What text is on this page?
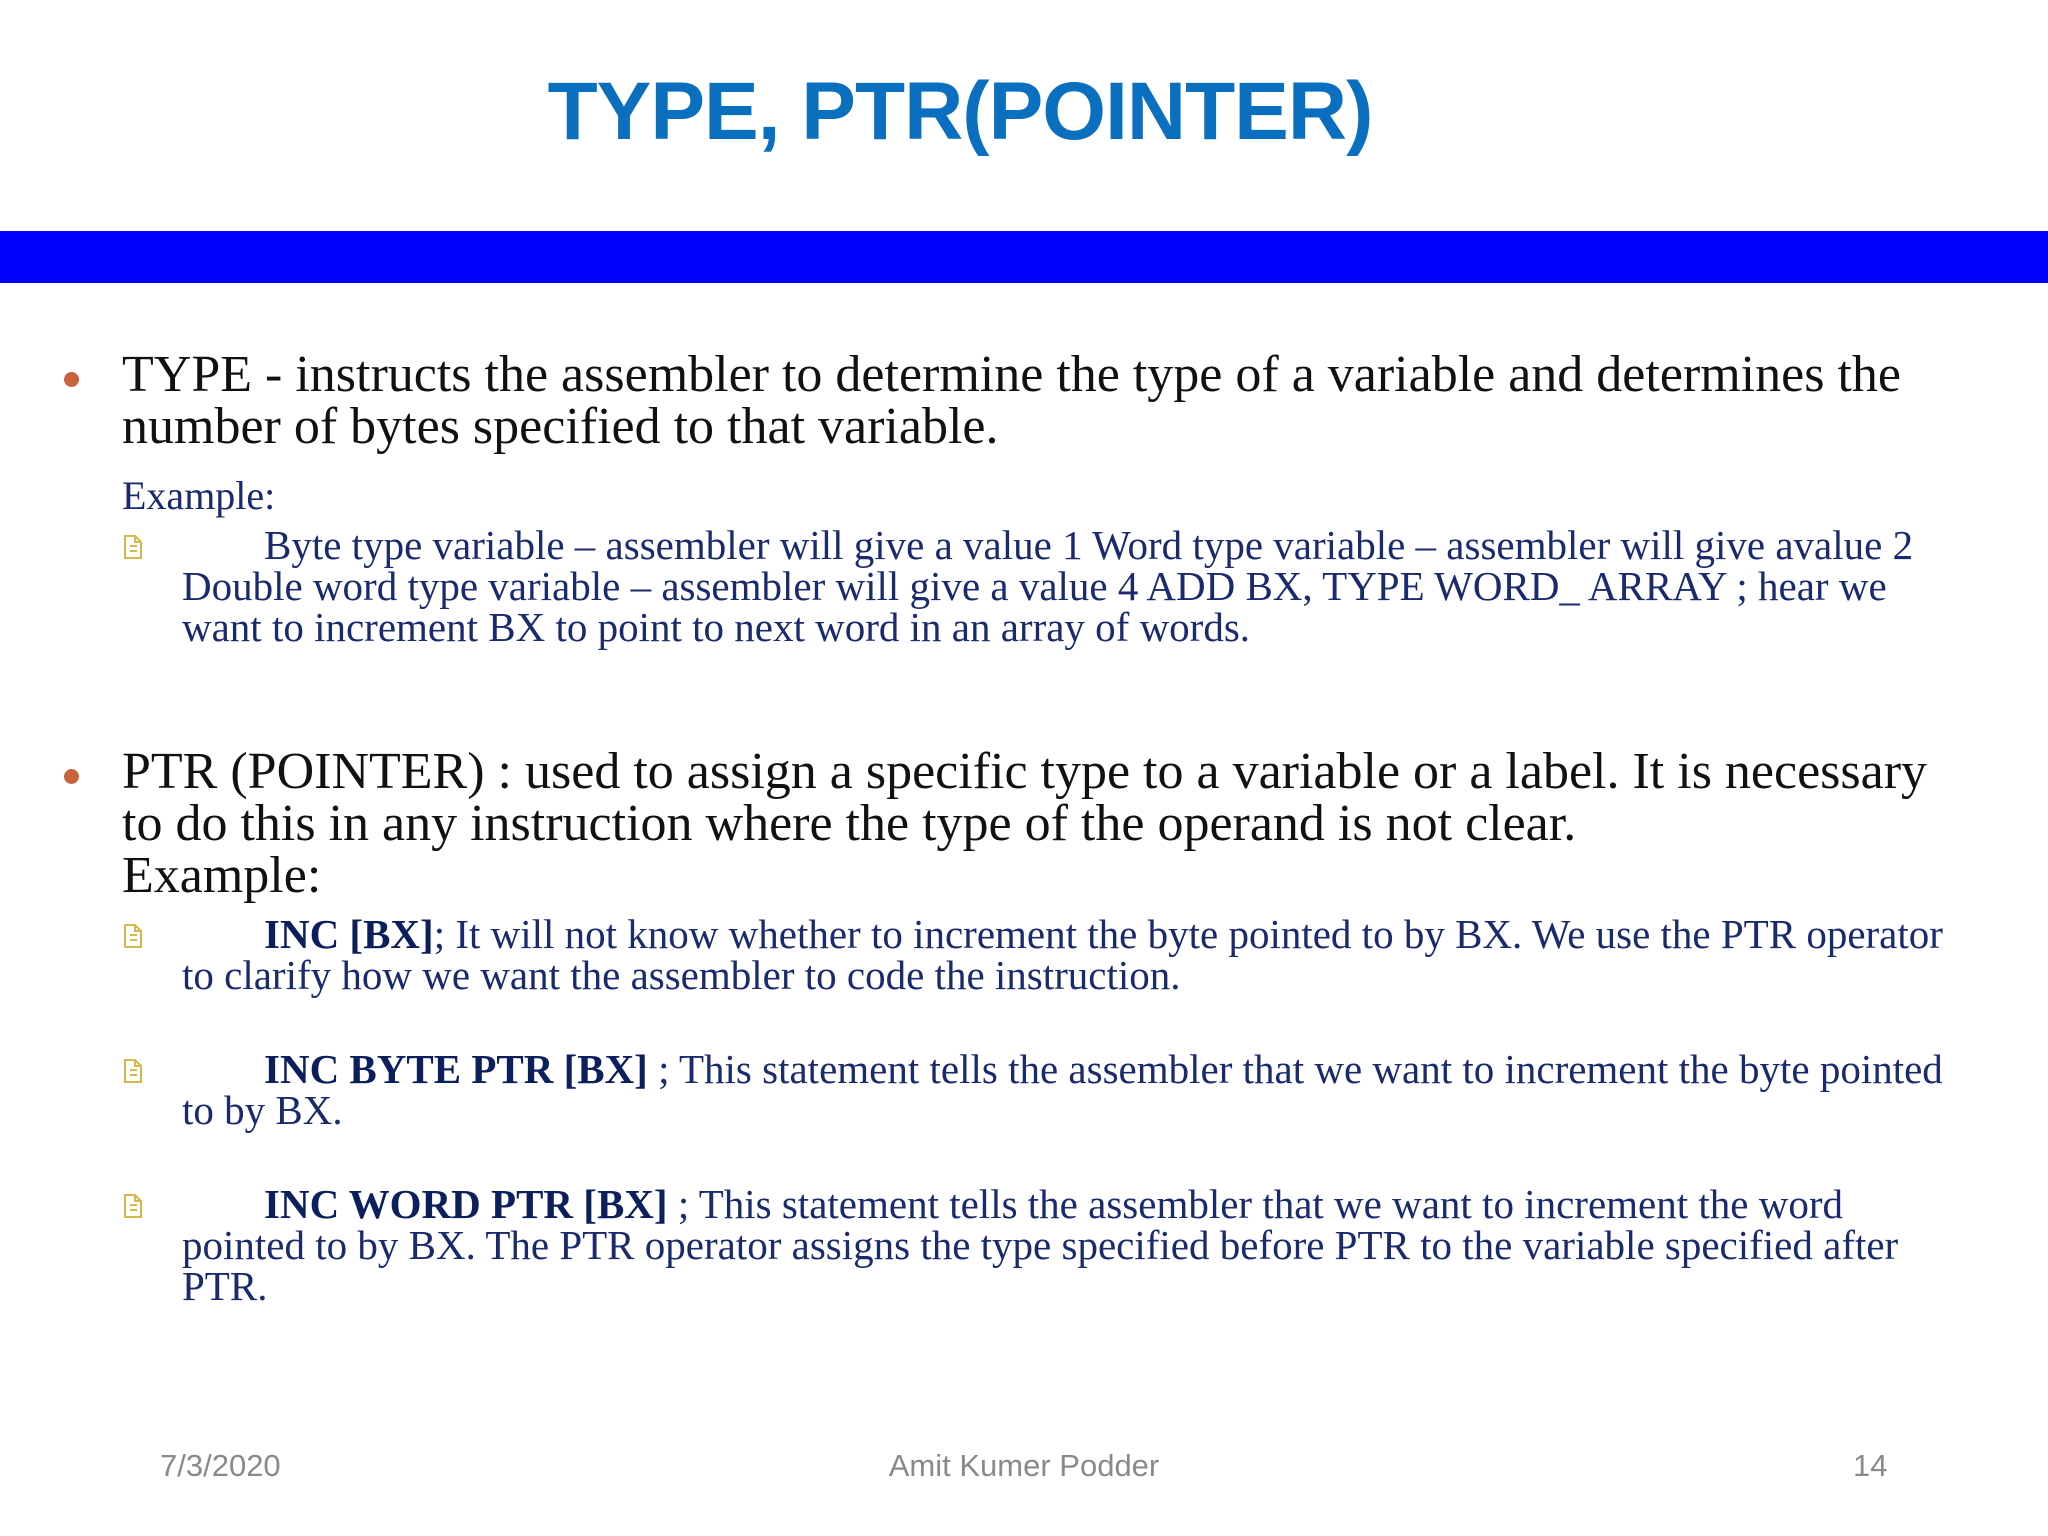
TYPE, PTR(POINTER)
TYPE - instructs the assembler to determine the type of a variable and determines the number of bytes specified to that variable.
Example:
Byte type variable – assembler will give a value 1 Word type variable – assembler will give avalue 2 Double word type variable – assembler will give a value 4 ADD BX, TYPE WORD_ ARRAY ; hear we want to increment BX to point to next word in an array of words.
PTR (POINTER) : used to assign a specific type to a variable or a label. It is necessary to do this in any instruction where the type of the operand is not clear.
Example:
INC [BX]; It will not know whether to increment the byte pointed to by BX. We use the PTR operator to clarify how we want the assembler to code the instruction.
INC BYTE PTR [BX] ; This statement tells the assembler that we want to increment the byte pointed to by BX.
INC WORD PTR [BX] ; This statement tells the assembler that we want to increment the word pointed to by BX. The PTR operator assigns the type specified before PTR to the variable specified after PTR.
7/3/2020	Amit Kumer Podder	14
